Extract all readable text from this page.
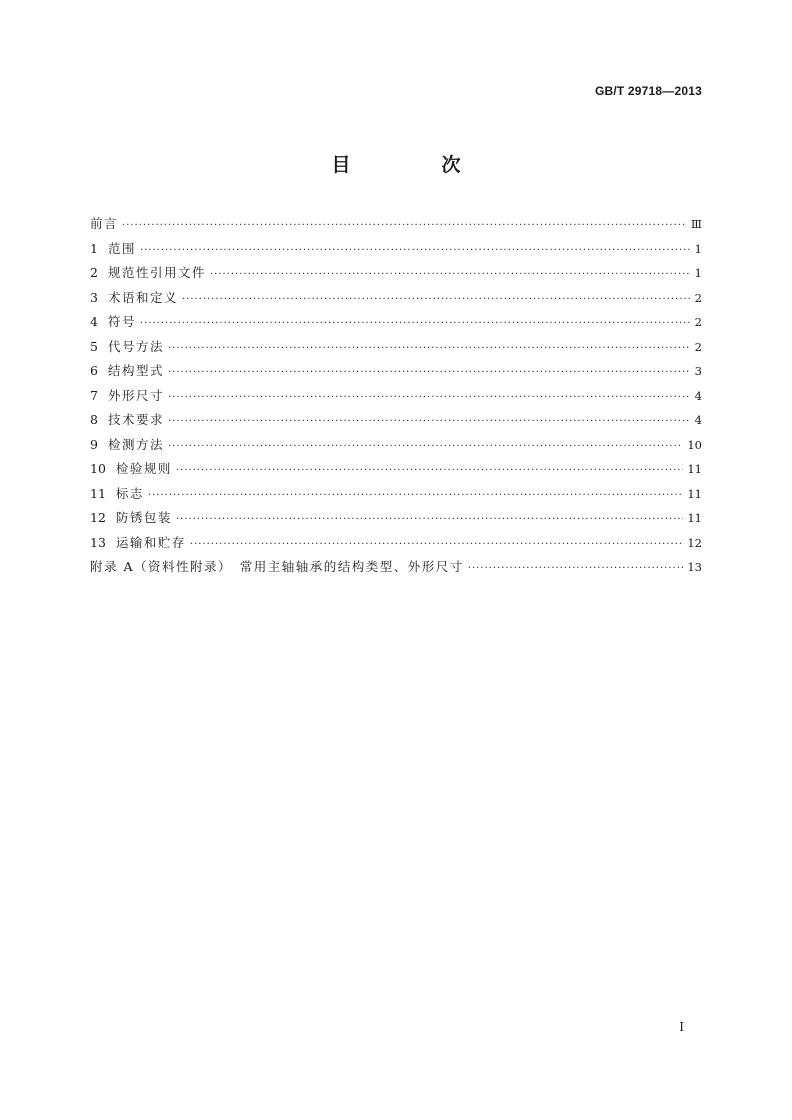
GB/T 29718—2013
目　次
前言 ·····	Ⅲ
1 范围 ·····	1
2 规范性引用文件 ·····	1
3 术语和定义 ·····	2
4 符号 ·····	2
5 代号方法 ·····	2
6 结构型式 ·····	3
7 外形尺寸 ·····	4
8 技术要求 ·····	4
9 检测方法 ·····	10
10 检验规则 ·····	11
11 标志 ·····	11
12 防锈包装 ·····	11
13 运输和贮存 ·····	12
附录 A（资料性附录）　常用主轴轴承的结构类型、外形尺寸 ·····	13
Ⅰ
